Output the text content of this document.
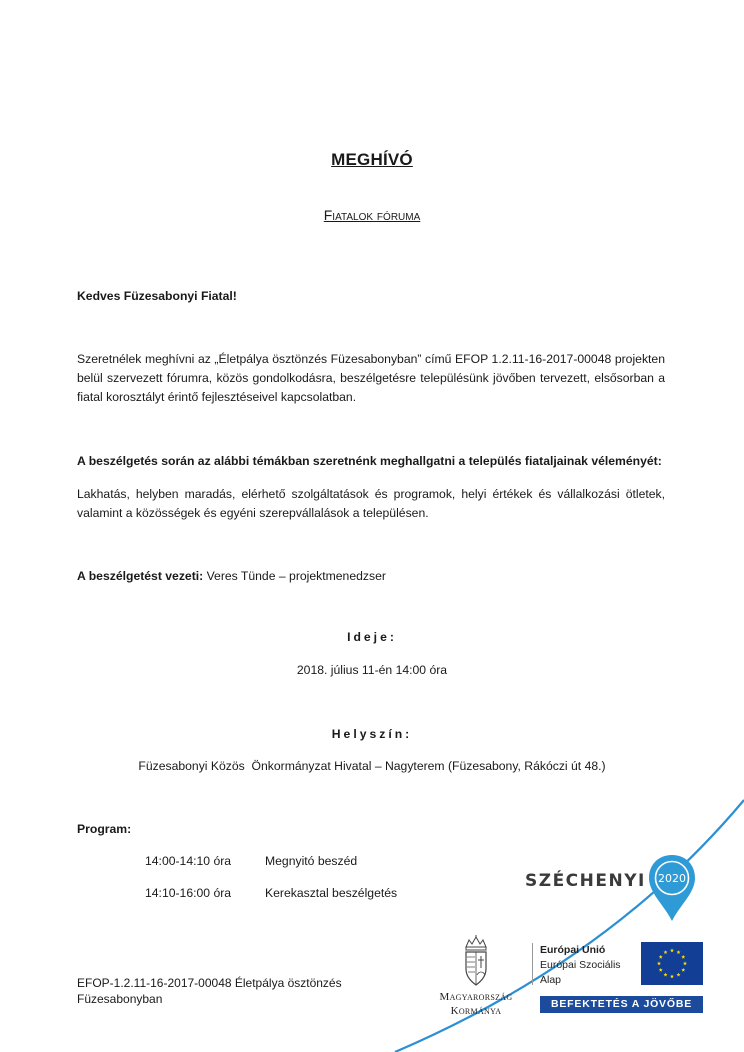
MEGHÍVÓ
Fiatalok fóruma
Kedves Füzesabonyi Fiatal!
Szeretnélek meghívni az „Életpálya ösztönzés Füzesabonyban” című EFOP 1.2.11-16-2017-00048 projekten belül szervezett fórumra, közös gondolkodásra, beszélgetésre településünk jövőben tervezett, elsősorban a fiatal korosztályt érintő fejlesztéseivel kapcsolatban.
A beszélgetés során az alábbi témákban szeretnénk meghallgatni a település fiataljainak véleményét:
Lakhatás, helyben maradás, elérhető szolgáltatások és programok, helyi értékek és vállalkozási ötletek, valamint a közösségek és egyéni szerepvállalások a településen.
A beszélgetést vezeti: Veres Tünde – projektmenedzser
Ideje:
2018. július 11-én 14:00 óra
Helyszín:
Füzesabonyi Közös  Önkormányzat Hivatal – Nagyterem (Füzesabony, Rákóczi út 48.)
Program:
14:00-14:10 óra	Megnyitó beszéd
14:10-16:00 óra	Kerekasztal beszélgetés
EFOP-1.2.11-16-2017-00048 Életpálya ösztönzés
Füzesabonyban
SZÉCHENYI 2020
Magyarország
Kormánya
Európai Unió
Európai Szociális
Alap
BEFEKTETÉS A JÖVŐBE
